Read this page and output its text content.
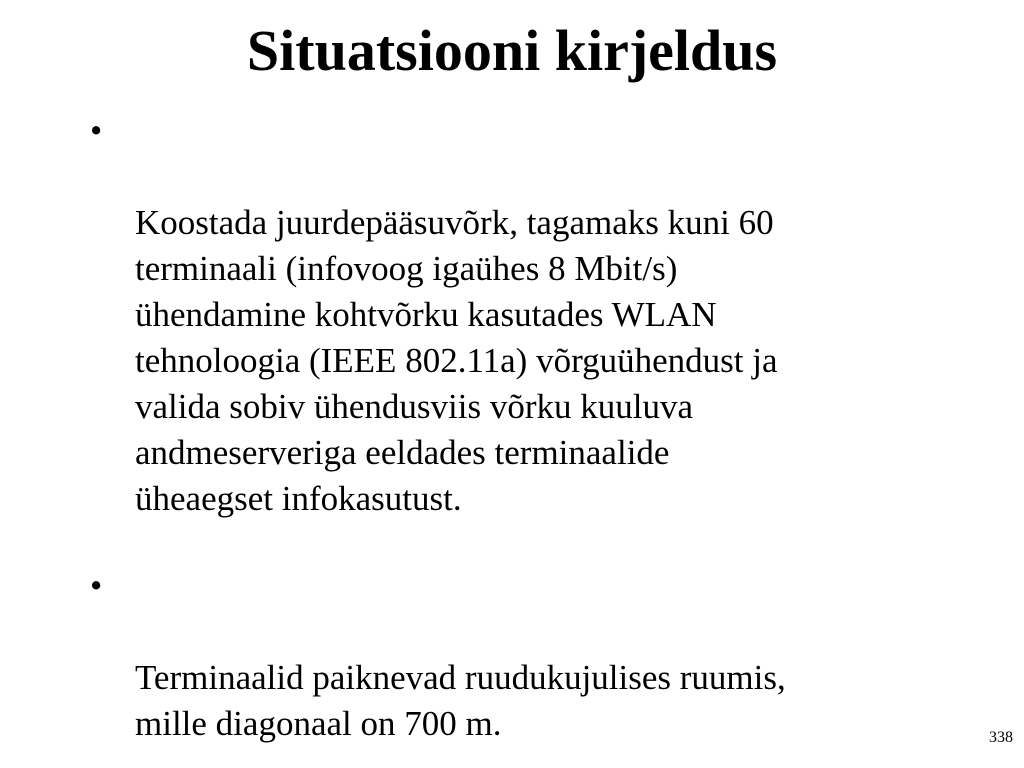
Situatsiooni kirjeldus

•

Koostada juurdepääsuvõrk, tagamaks kuni 60
terminaali (infovoog igaühes 8 Mbit/s)
ühendamine kohtvõrku kasutades WLAN
tehnoloogia (IEEE 802.11a) võrguühendust ja
valida sobiv ühendusviis võrku kuuluva
andmeserveriga eeldades terminaalide
üheaegset infokasutust.

•

Terminaalid paiknevad ruudukujulises ruumis,
mille diagonaal on 700 m.	338
